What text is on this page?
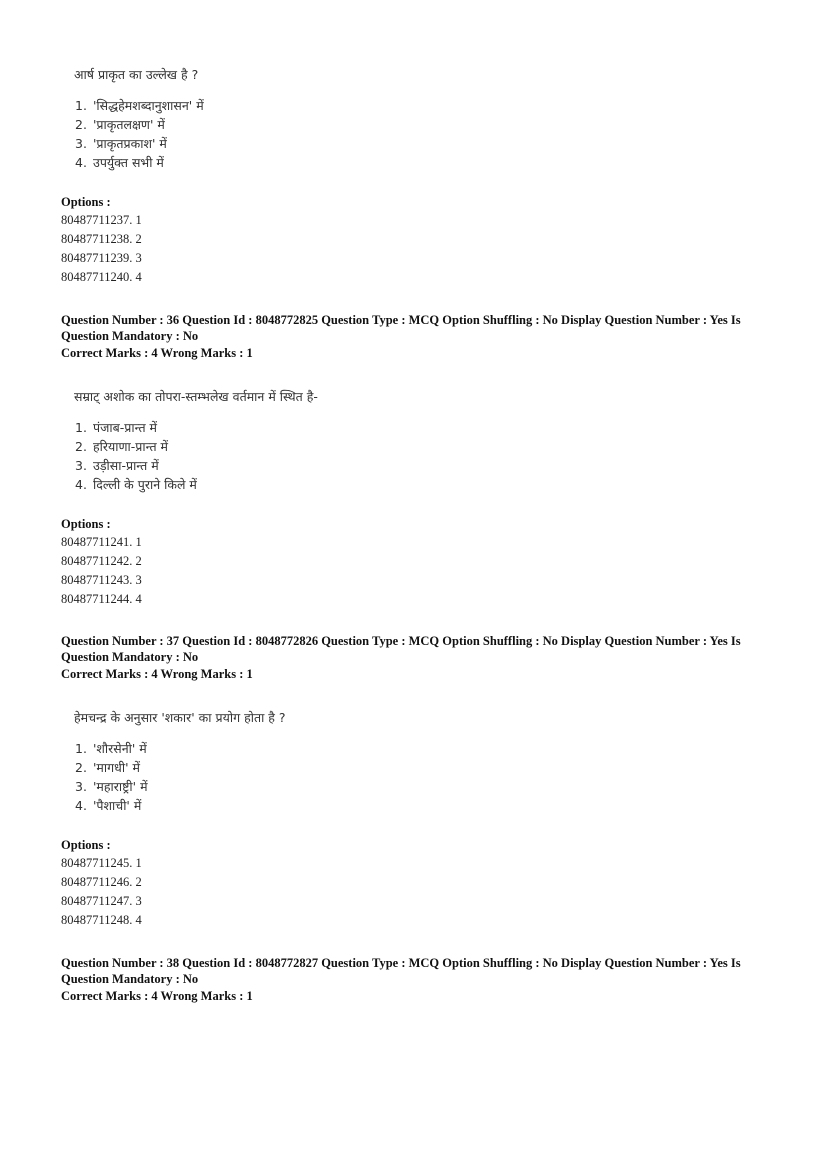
आर्ष प्राकृत का उल्लेख है ?
1. 'सिद्धहेमशब्दानुशासन' में
2. 'प्राकृतलक्षण' में
3. 'प्राकृतप्रकाश' में
4. उपर्युक्त सभी में
Options :
80487711237. 1
80487711238. 2
80487711239. 3
80487711240. 4
Question Number : 36 Question Id : 8048772825 Question Type : MCQ Option Shuffling : No Display Question Number : Yes Is
Question Mandatory : No
Correct Marks : 4 Wrong Marks : 1
सम्राट् अशोक का तोपरा-स्तम्भलेख वर्तमान में स्थित है-
1. पंजाब-प्रान्त में
2. हरियाणा-प्रान्त में
3. उड़ीसा-प्रान्त में
4. दिल्ली के पुराने किले में
Options :
80487711241. 1
80487711242. 2
80487711243. 3
80487711244. 4
Question Number : 37 Question Id : 8048772826 Question Type : MCQ Option Shuffling : No Display Question Number : Yes Is
Question Mandatory : No
Correct Marks : 4 Wrong Marks : 1
हेमचन्द्र के अनुसार 'शकार' का प्रयोग होता है ?
1. 'शौरसेनी' में
2. 'मागधी' में
3. 'महाराष्ट्री' में
4. 'पैशाची' में
Options :
80487711245. 1
80487711246. 2
80487711247. 3
80487711248. 4
Question Number : 38 Question Id : 8048772827 Question Type : MCQ Option Shuffling : No Display Question Number : Yes Is
Question Mandatory : No
Correct Marks : 4 Wrong Marks : 1
